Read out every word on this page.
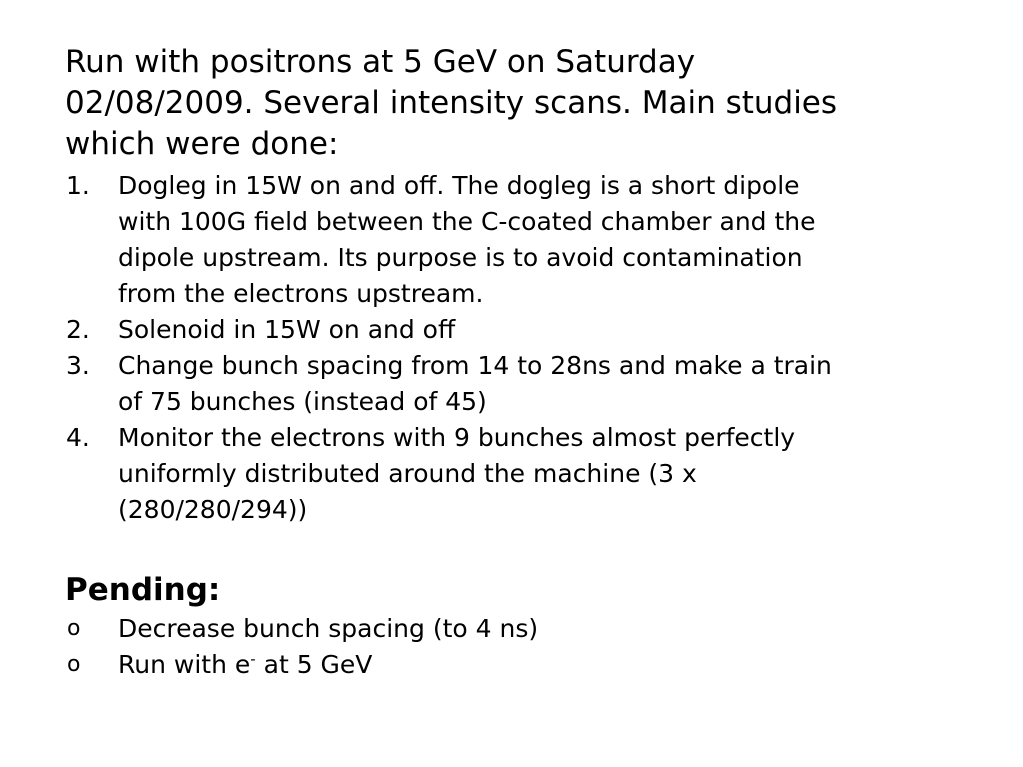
Run with positrons at 5 GeV on Saturday
02/08/2009. Several intensity scans. Main studies
which were done:

1. Dogleg in 15W on and off. The dogleg is a short dipole
with 100G field between the C-coated chamber and the
dipole upstream. Its purpose is to avoid contamination
from the electrons upstream.
2. Solenoid in 15W on and off
3. Change bunch spacing from 14 to 28ns and make a train
of 75 bunches (instead of 45)
4. Monitor the electrons with 9 bunches almost perfectly
uniformly distributed around the machine (3 x
(280/280/294))
Pending:
o Decrease bunch spacing (to 4 ns)
o Run with e- at 5 GeV
